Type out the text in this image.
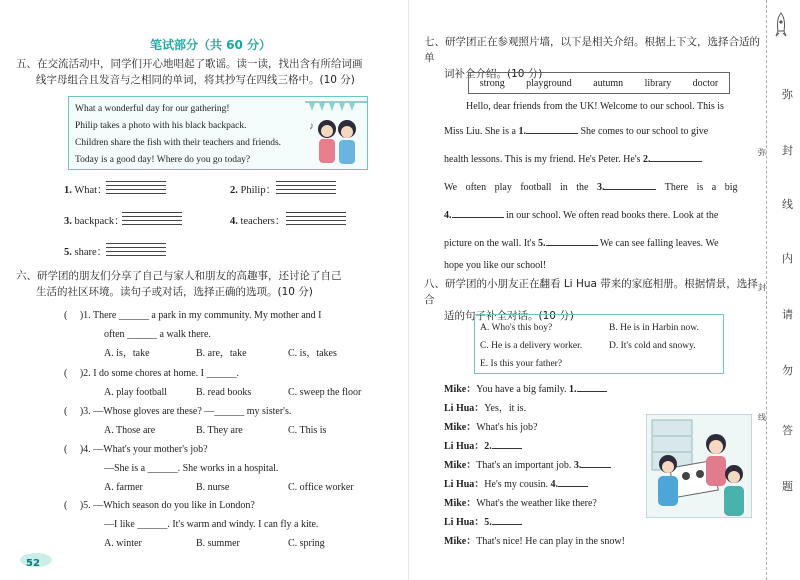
笔试部分（共 60 分）
五、在交流活动中，同学们开心地唱起了歌谣。读一读，找出含有所给词画
线字母组合且发音与之相同的单词，将其抄写在四线三格中。(10 分)
What a wonderful day for our gathering!
Philip takes a photo with his black backpack.
Children share the fish with their teachers and friends.
Today is a good day! Where do you go today?
♪
1. What：	2. Philip：
3. backpack：	4. teachers：
5. share：
六、研学团的朋友们分享了自己与家人和朋友的高趣事，还讨论了自己
生活的社区环境。读句子或对话，选择正确的选项。(10 分)
(     )1. There ______ a park in my community. My mother and I
often ______ a walk there.
A. is，take	B. are，take	C. is，takes
(     )2. I do some chores at home. I ______.
A. play football	B. read books	C. sweep the floor
(     )3. —Whose gloves are these? —______ my sister's.
A. Those are	B. They are	C. This is
(     )4. —What's your mother's job?
—She is a ______. She works in a hospital.
A. farmer	B. nurse	C. office worker
(     )5. —Which season do you like in London?
—I like ______. It's warm and windy. I can fly a kite.
A. winter	B. summer	C. spring
52
七、研学团正在参观照片墙，以下是相关介绍。根据上下文，选择合适的单
词补全介绍。(10 分)
strong playground autumn library doctor
Hello, dear friends from the UK! Welcome to our school. This is
Miss Liu. She is a 1.	She comes to our school to give
health lessons. This is my friend. He's Peter. He's 2.
We often play football in the 3.	There is a big
4.	in our school. We often read books there. Look at the
picture on the wall. It's 5.	We can see falling leaves. We
hope you like our school!
八、研学团的小朋友正在翻看 Li Hua 带来的家庭相册。根据情景，选择合
适的句子补全对话。(10 分)
A. Who's this boy?
C. He is a delivery worker.
E. Is this your father?
B. He is in Harbin now.
D. It's cold and snowy.
Mike：You have a big family. 1.
Li Hua：Yes，it is.
Mike：What's his job?
Li Hua：2.
Mike：That's an important job. 3.
Li Hua：He's my cousin. 4.
Mike：What's the weather like there?
Li Hua：5.
Mike：That's nice! He can play in the snow!
弥
弥 封
线
内
封
请
勿
线
答
题
